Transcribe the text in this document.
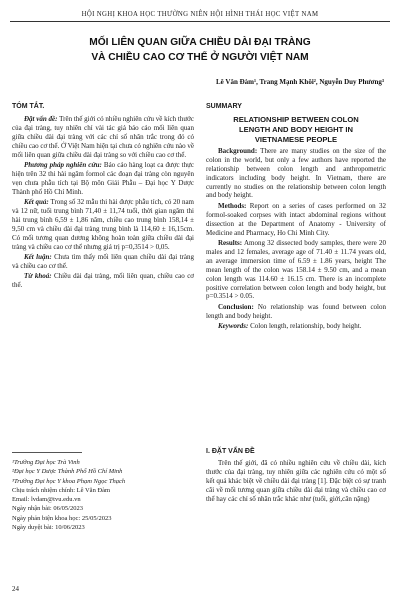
HỘI NGHỊ KHOA HỌC THƯỜNG NIÊN HỘI HÌNH THÁI HỌC VIỆT NAM
MỐI LIÊN QUAN GIỮA CHIỀU DÀI ĐẠI TRÀNG
VÀ CHIỀU CAO CƠ THỂ Ở NGƯỜI VIỆT NAM
Lê Văn Đàm¹, Trang Mạnh Khôi², Nguyễn Duy Phương³
TÓM TẮT.

Đặt vấn đề: Trên thế giới có nhiều nghiên cứu về kích thước của đại tràng, tuy nhiên chỉ vài tác giả báo cáo mối liên quan giữa chiều dài đại tràng với các chỉ số nhân trắc trong đó có chiều cao cơ thể. Ở Việt Nam hiện tại chưa có nghiên cứu nào về mối liên quan giữa chiều dài đại tràng so với chiều cao cơ thể.

Phương pháp nghiên cứu: Báo cáo hàng loạt ca được thực hiện trên 32 thi hài ngâm formol các đoạn đại tràng còn nguyên vẹn chưa phẫu tích tại Bộ môn Giải Phẫu – Đại học Y Dược Thành phố Hồ Chí Minh.

Kết quả: Trong số 32 mẫu thi hài được phẫu tích, có 20 nam và 12 nữ, tuổi trung bình 71,40 ± 11,74 tuổi, thời gian ngâm thi hài trung bình 6,59 ± 1,86 năm, chiều cao trung bình 158,14 ± 9,50 cm và chiều dài đại tràng trung bình là 114,60 ± 16,15cm. Có mối tương quan dương không hoàn toàn giữa chiều dài đại tràng và chiều cao cơ thể nhưng giá trị p=0,3514 > 0,05.

Kết luận: Chưa tìm thấy mối liên quan chiều dài đại tràng và chiều cao cơ thể.

Từ khoá: Chiều dài đại tràng, mối liên quan, chiều cao cơ thể.

SUMMARY
RELATIONSHIP BETWEEN COLON
LENGTH AND BODY HEIGHT IN
VIETNAMESE PEOPLE

Background: There are many studies on the size of the colon in the world, but only a few authors have reported the relationship between colon length and anthropometric indicators including body height. In Vietnam, there are currently no studies on the relationship between colon length and body height.

Methods: Report on a series of cases performed on 32 formol-soaked corpses with intact abdominal regions without dissection at the Department of Anatomy - University of Medicine and Pharmacy, Ho Chi Minh City.

Results: Among 32 dissected body samples, there were 20 males and 12 females, average age of 71.40 ± 11.74 years old, an average immersion time of 6.59 ± 1.86 years, height The mean length of the colon was 158.14 ± 9.50 cm, and a mean colon length was 114.60 ± 16.15 cm. There is an incomplete positive correlation between colon length and body height, but p=0.3514 > 0.05.

Conclusion: No relationship was found between colon length and body height.

Keywords: Colon length, relationship, body height.

¹Trường Đại học Trà Vinh
²Đại học Y Dược Thành Phố Hồ Chí Minh
³Trường Đại học Y khoa Phạm Ngọc Thạch
Chịu trách nhiệm chính: Lê Văn Đàm
Email: lvdam@tvu.edu.vn
Ngày nhận bài: 06/05/2023
Ngày phản biện khoa học: 25/05/2023
Ngày duyệt bài: 10/06/2023
I. ĐẶT VẤN ĐỀ

Trên thế giới, đã có nhiều nghiên cứu về chiều dài, kích thước của đại tràng, tuy nhiên giữa các nghiên cứu có một số kết quả khác biệt về chiều dài đại tràng [1]. Đặc biệt có sự tranh cãi về mối tương quan giữa chiều dài đại tràng và chiều cao cơ thể hay các chỉ số nhân trắc khác như (tuổi, giới,cân nặng)

24
